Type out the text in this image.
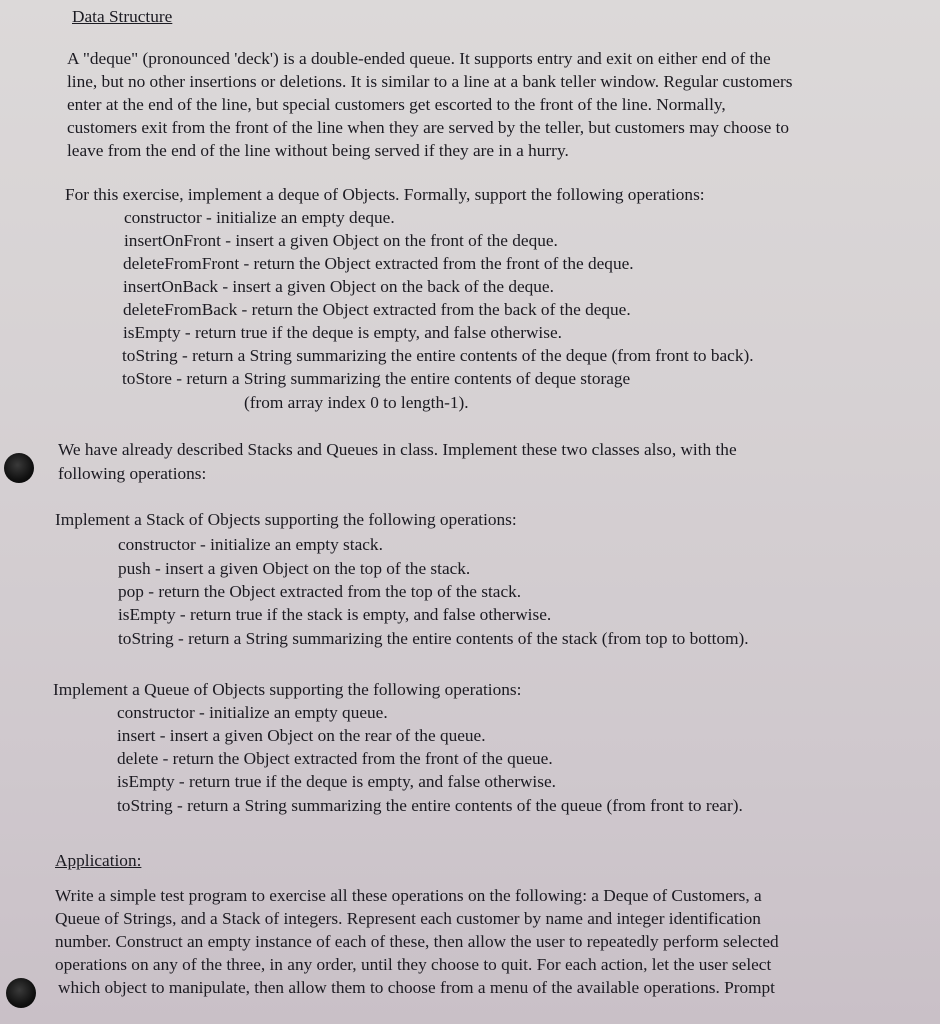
Data Structure
A "deque" (pronounced 'deck') is a double-ended queue. It supports entry and exit on either end of the
line, but no other insertions or deletions. It is similar to a line at a bank teller window. Regular customers
enter at the end of the line, but special customers get escorted to the front of the line. Normally,
customers exit from the front of the line when they are served by the teller, but customers may choose to
leave from the end of the line without being served if they are in a hurry.
For this exercise, implement a deque of Objects. Formally, support the following operations:
constructor - initialize an empty deque.
insertOnFront - insert a given Object on the front of the deque.
deleteFromFront - return the Object extracted from the front of the deque.
insertOnBack - insert a given Object on the back of the deque.
deleteFromBack - return the Object extracted from the back of the deque.
isEmpty - return true if the deque is empty, and false otherwise.
toString - return a String summarizing the entire contents of the deque (from front to back).
toStore - return a String summarizing the entire contents of deque storage
(from array index 0 to length-1).
We have already described Stacks and Queues in class. Implement these two classes also, with the
following operations:
Implement a Stack of Objects supporting the following operations:
constructor - initialize an empty stack.
push - insert a given Object on the top of the stack.
pop - return the Object extracted from the top of the stack.
isEmpty - return true if the stack is empty, and false otherwise.
toString - return a String summarizing the entire contents of the stack (from top to bottom).
Implement a Queue of Objects supporting the following operations:
constructor - initialize an empty queue.
insert - insert a given Object on the rear of the queue.
delete - return the Object extracted from the front of the queue.
isEmpty - return true if the deque is empty, and false otherwise.
toString - return a String summarizing the entire contents of the queue (from front to rear).
Application:
Write a simple test program to exercise all these operations on the following: a Deque of Customers, a
Queue of Strings, and a Stack of integers. Represent each customer by name and integer identification
number. Construct an empty instance of each of these, then allow the user to repeatedly perform selected
operations on any of the three, in any order, until they choose to quit. For each action, let the user select
which object to manipulate, then allow them to choose from a menu of the available operations. Prompt
